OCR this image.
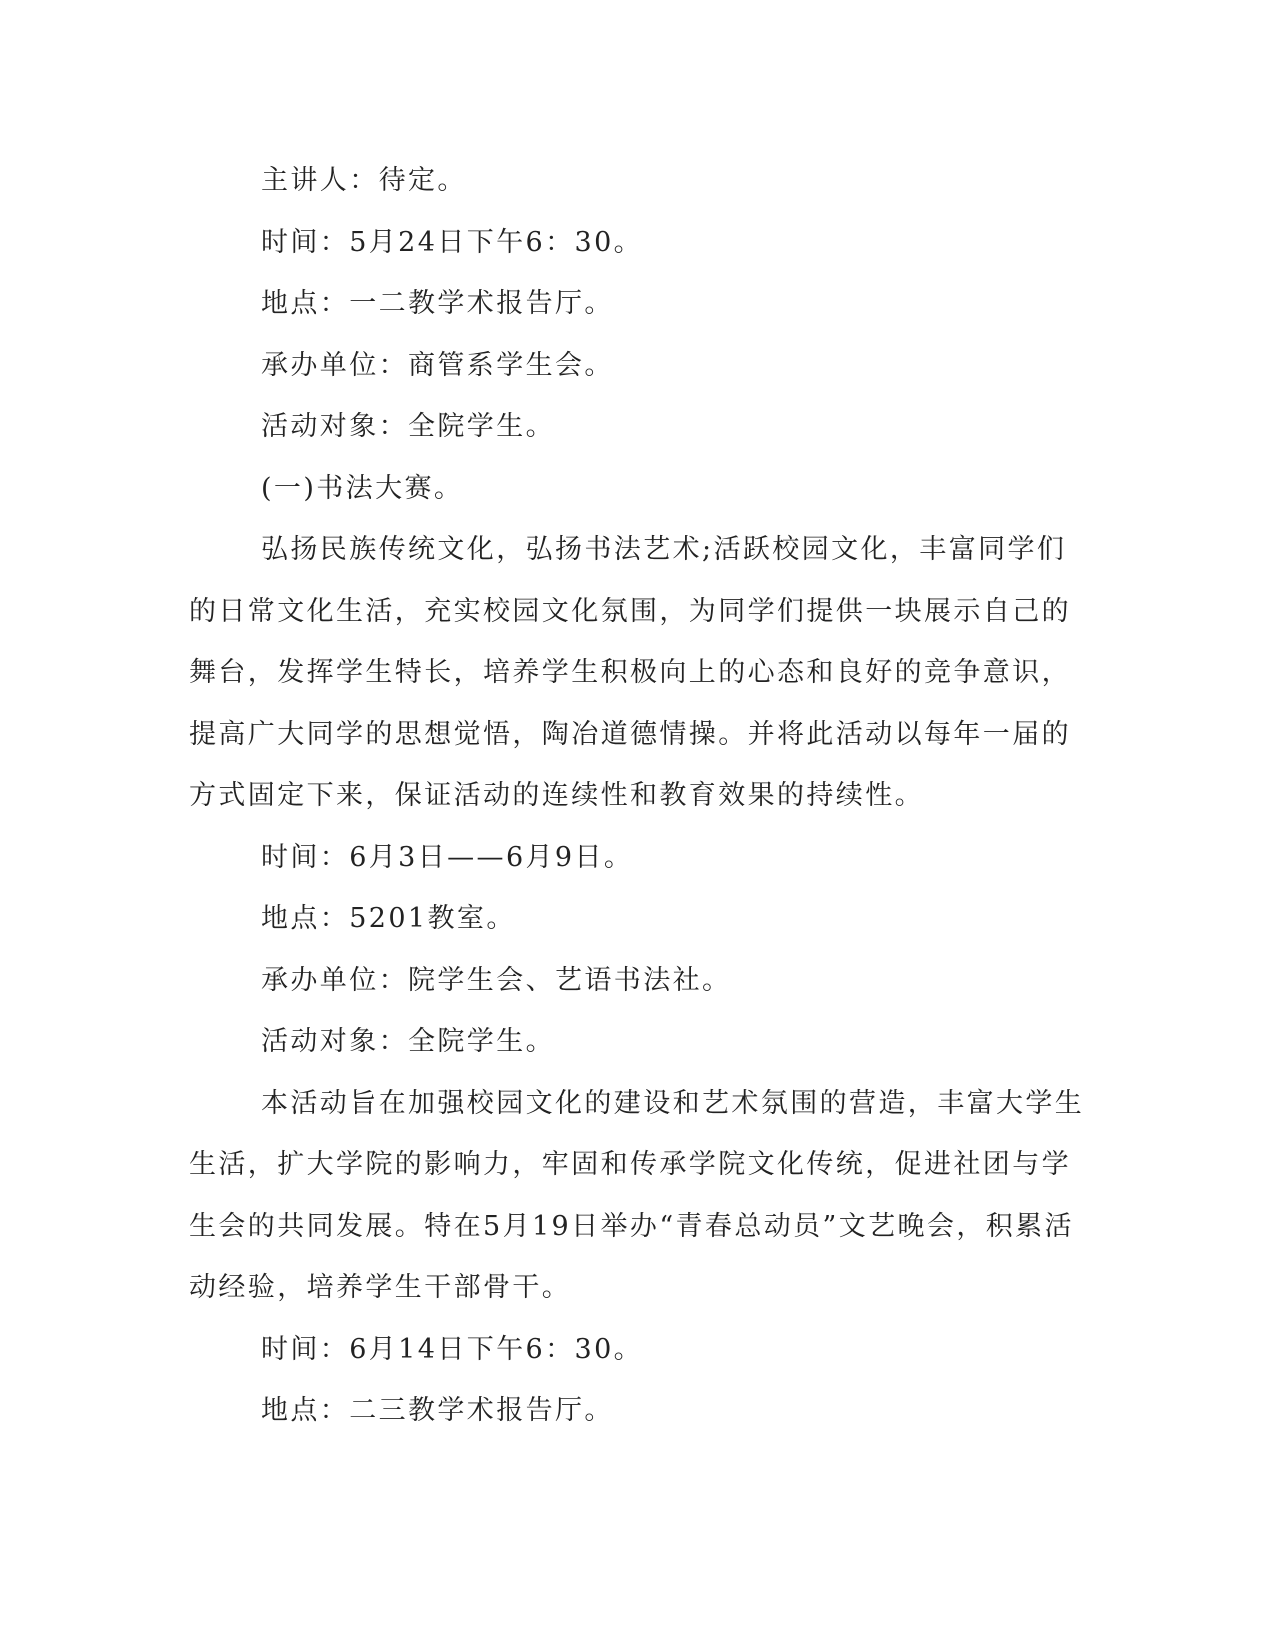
主讲人：待定。

时间：5月24日下午6：30。

地点：一二教学术报告厅。

承办单位：商管系学生会。

活动对象：全院学生。

(一)书法大赛。

弘扬民族传统文化，弘扬书法艺术;活跃校园文化，丰富同学们的日常文化生活，充实校园文化氛围，为同学们提供一块展示自己的舞台，发挥学生特长，培养学生积极向上的心态和良好的竞争意识，提高广大同学的思想觉悟，陶冶道德情操。并将此活动以每年一届的方式固定下来，保证活动的连续性和教育效果的持续性。

时间：6月3日——6月9日。

地点：5201教室。

承办单位：院学生会、艺语书法社。

活动对象：全院学生。

本活动旨在加强校园文化的建设和艺术氛围的营造，丰富大学生生活，扩大学院的影响力，牢固和传承学院文化传统，促进社团与学生会的共同发展。特在5月19日举办“青春总动员”文艺晚会，积累活动经验，培养学生干部骨干。

时间：6月14日下午6：30。

地点：二三教学术报告厅。
